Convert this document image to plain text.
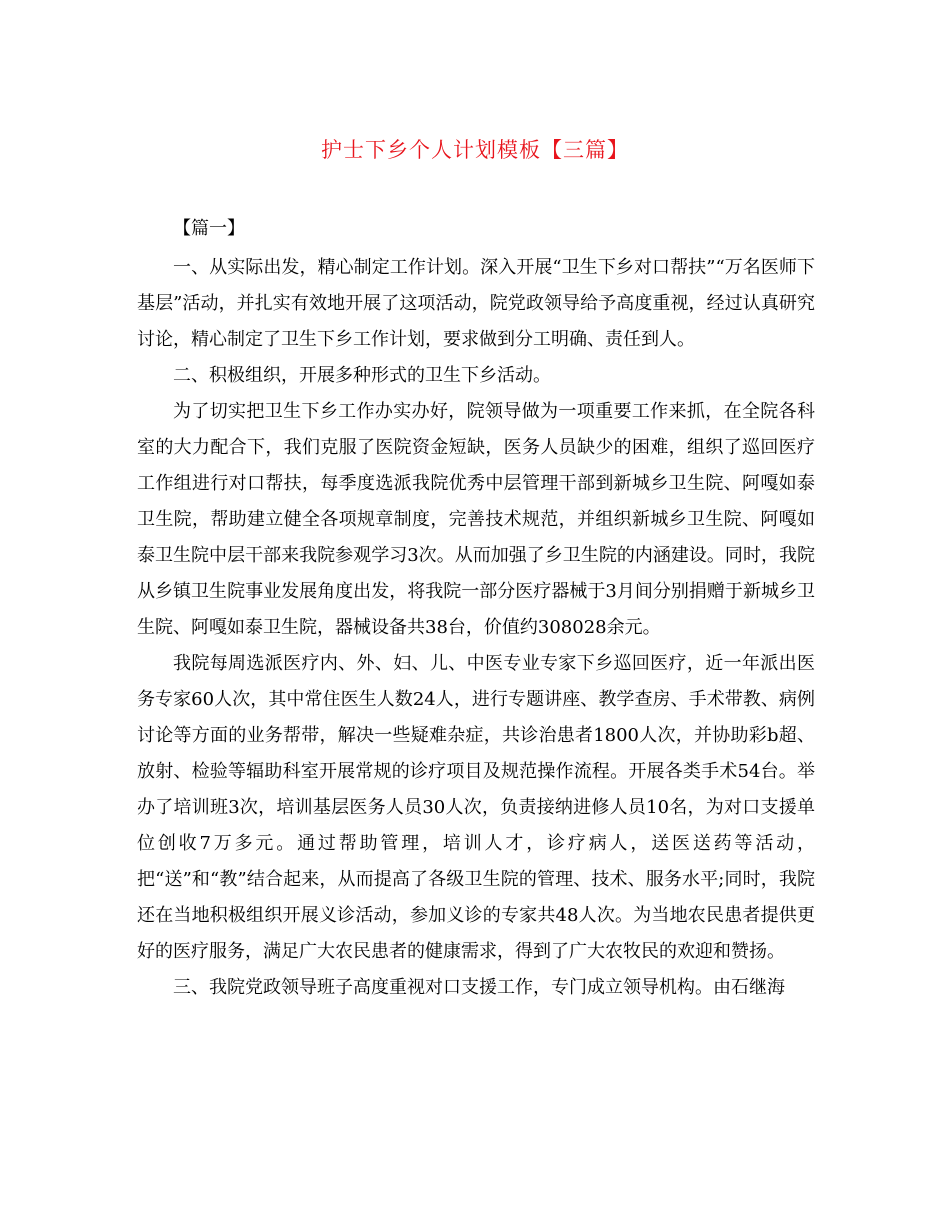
护士下乡个人计划模板【三篇】
【篇一】

一、从实际出发，精心制定工作计划。深入开展“卫生下乡对口帮扶”“万名医师下基层”活动，并扎实有效地开展了这项活动，院党政领导给予高度重视，经过认真研究讨论，精心制定了卫生下乡工作计划，要求做到分工明确、责任到人。

二、积极组织，开展多种形式的卫生下乡活动。

为了切实把卫生下乡工作办实办好，院领导做为一项重要工作来抓，在全院各科室的大力配合下，我们克服了医院资金短缺，医务人员缺少的困难，组织了巡回医疗工作组进行对口帮扶，每季度选派我院优秀中层管理干部到新城乡卫生院、阿嘎如泰卫生院，帮助建立健全各项规章制度，完善技术规范，并组织新城乡卫生院、阿嘎如泰卫生院中层干部来我院参观学习3次。从而加强了乡卫生院的内涵建设。同时，我院从乡镇卫生院事业发展角度出发，将我院一部分医疗器械于3月间分别捐赠于新城乡卫生院、阿嘎如泰卫生院，器械设备共38台，价值约308028余元。

我院每周选派医疗内、外、妇、儿、中医专业专家下乡巡回医疗，近一年派出医务专家60人次，其中常住医生人数24人，进行专题讲座、教学查房、手术带教、病例讨论等方面的业务帮带，解决一些疑难杂症，共诊治患者1800人次，并协助彩b超、放射、检验等辐助科室开展常规的诊疗项目及规范操作流程。开展各类手术54台。举办了培训班3次，培训基层医务人员30人次，负责接纳进修人员10名，为对口支援单位创收7万多元。通过帮助管理，培训人才，诊疗病人，送医送药等活动，把“送”和“教”结合起来，从而提高了各级卫生院的管理、技术、服务水平;同时，我院还在当地积极组织开展义诊活动，参加义诊的专家共48人次。为当地农民患者提供更好的医疗服务，满足广大农民患者的健康需求，得到了广大农牧民的欢迎和赞扬。

三、我院党政领导班子高度重视对口支援工作，专门成立领导机构。由石继海
